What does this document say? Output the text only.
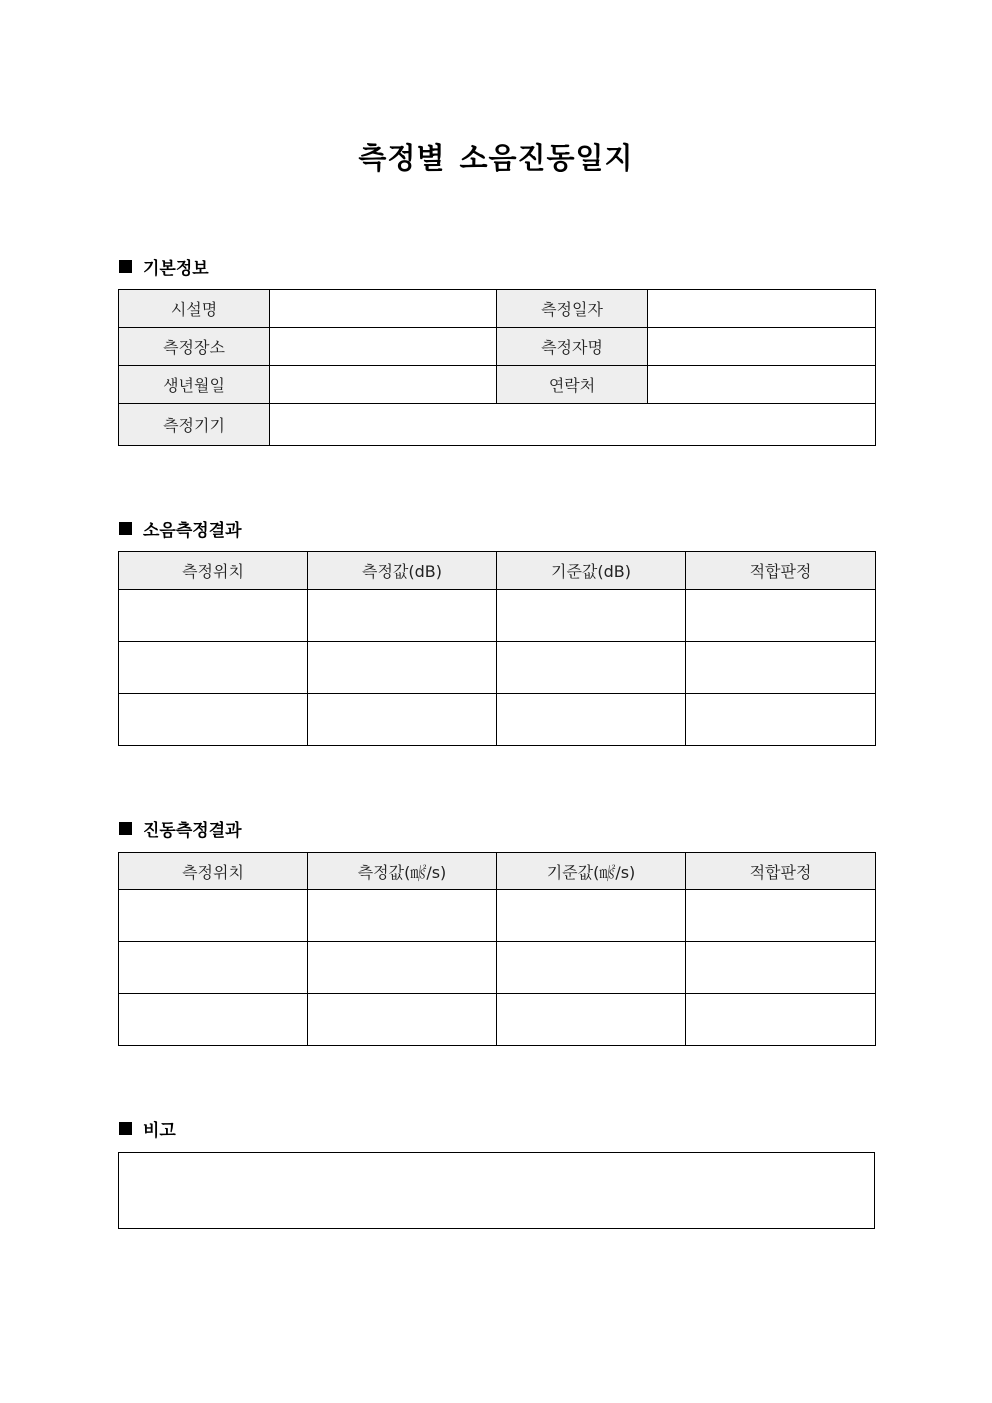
측정별 소음진동일지
기본정보
시설명		측정일자	
측정장소		측정자명	
생년월일		연락처	
측정기기			
소음측정결과
측정위치	측정값(dB)	기준값(dB)	적합판정

진동측정결과
측정위치	측정값(㎨/s)	기준값(㎨/s)	적합판정

비고
